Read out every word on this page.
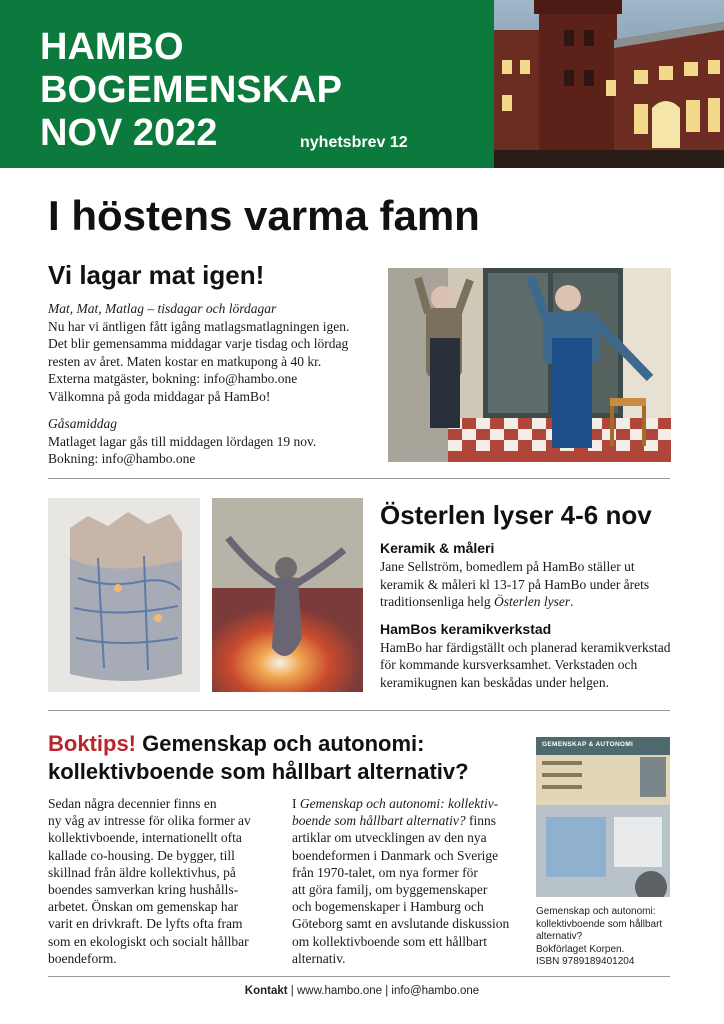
HAMBO
BOGEMENSKAP
NOV 2022	nyhetsbrev 12
I höstens varma famn
Vi lagar mat igen!
Mat, Mat, Matlag – tisdagar och lördagar
Nu har vi äntligen fått igång matlagsmatlagningen igen.
Det blir gemensamma middagar varje tisdag och lördag
resten av året. Maten kostar en matkupong à 40 kr.
Externa matgäster, bokning: info@hambo.one
Välkomna på goda middagar på HamBo!
Gåsamiddag
Matlaget lagar gås till middagen lördagen 19 nov.
Bokning: info@hambo.one
Österlen lyser 4-6 nov
Keramik & måleri
Jane Sellström, bomedlem på HamBo ställer ut
keramik & måleri kl 13-17 på HamBo under årets
traditionsenliga helg Österlen lyser.
HamBos keramikverkstad
HamBo har färdigställt och planerad keramikverkstad
för kommande kursverksamhet. Verkstaden och
keramikugnen kan beskådas under helgen.
Boktips! Gemenskap och autonomi:
kollektivboende som hållbart alternativ?
Sedan några decennier finns en
ny våg av intresse för olika former av
kollektivboende, internationellt ofta
kallade co-housing. De bygger, till
skillnad från äldre kollektivhus, på
boendes samverkan kring hushålls-
arbetet. Önskan om gemenskap har
varit en drivkraft. De lyfts ofta fram
som en ekologiskt och socialt hållbar
boendeform.
I Gemenskap och autonomi: kollektiv-
boende som hållbart alternativ? finns
artiklar om utvecklingen av den nya
boendeformen i Danmark och Sverige
från 1970-talet, om nya former för
att göra familj, om byggemenskaper
och bogemenskaper i Hamburg och
Göteborg samt en avslutande diskussion
om kollektivboende som ett hållbart
alternativ.
GEMENSKAP & AUTONOMI
Gemenskap och autonomi:
kollektivboende som hållbart
alternativ?
Bokförlaget Korpen.
ISBN 9789189401204
Kontakt | www.hambo.one | info@hambo.one
